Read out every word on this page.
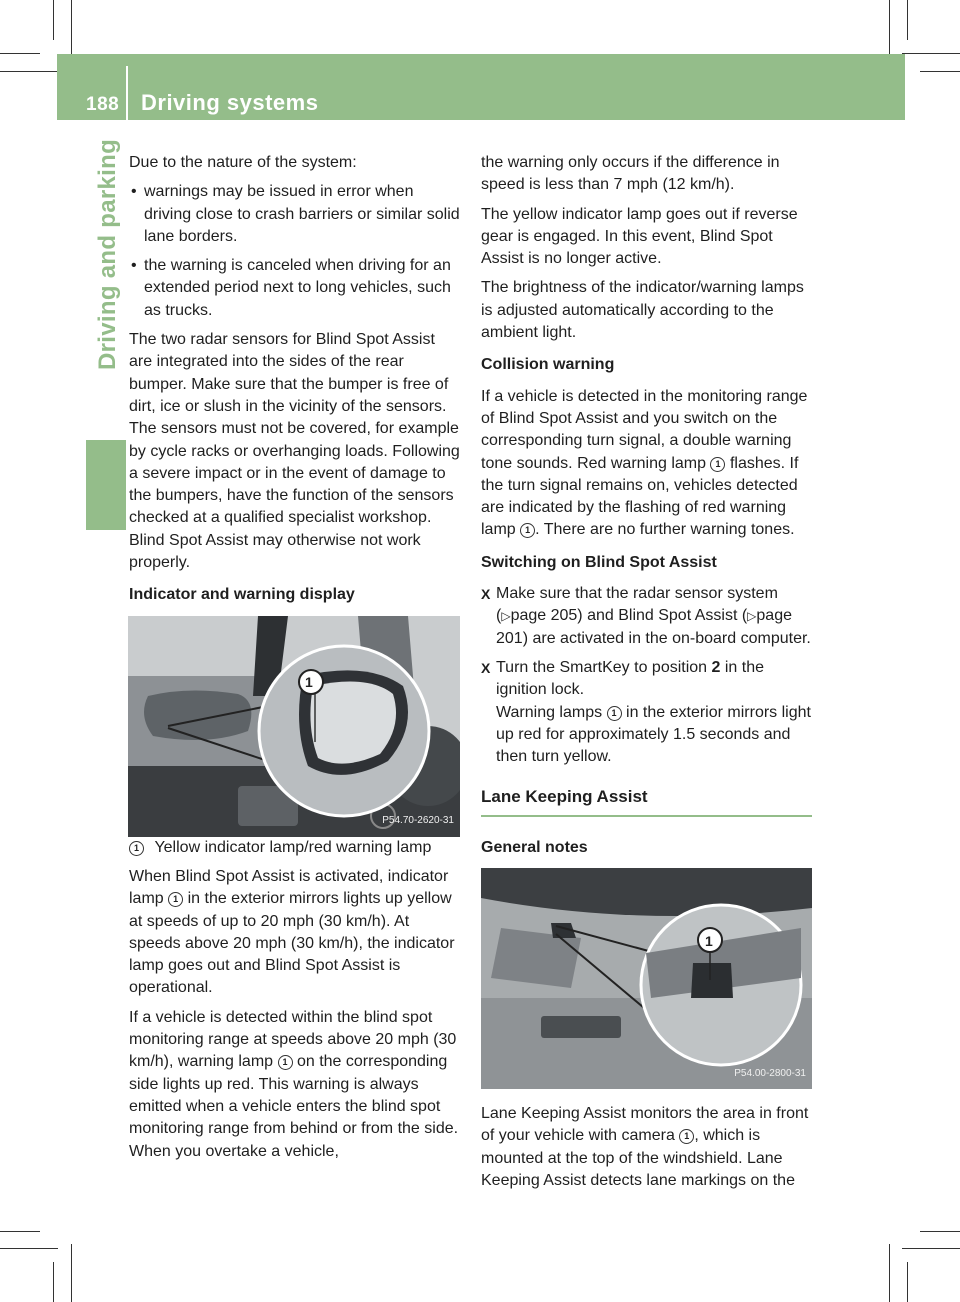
188 Driving systems
Driving and parking Due to the nature of the system:

• warnings may be issued in error when driving close to crash barriers or similar solid lane borders.
• the warning is canceled when driving for an extended period next to long vehicles, such as trucks.

The two radar sensors for Blind Spot Assist are integrated into the sides of the rear bumper. Make sure that the bumper is free of dirt, ice or slush in the vicinity of the sensors. The sensors must not be covered, for example by cycle racks or overhanging loads. Following a severe impact or in the event of damage to the bumpers, have the function of the sensors checked at a qualified specialist workshop. Blind Spot Assist may otherwise not work properly.

Indicator and warning display

1
P54.70-2620-31

1 Yellow indicator lamp/red warning lamp

When Blind Spot Assist is activated, indicator lamp 1 in the exterior mirrors lights up yellow at speeds of up to 20 mph (30 km/h). At speeds above 20 mph (30 km/h), the indicator lamp goes out and Blind Spot Assist is operational.

If a vehicle is detected within the blind spot monitoring range at speeds above 20 mph (30 km/h), warning lamp 1 on the corresponding side lights up red. This warning is always emitted when a vehicle enters the blind spot monitoring range from behind or from the side. When you overtake a vehicle,

the warning only occurs if the difference in speed is less than 7 mph (12 km/h).

The yellow indicator lamp goes out if reverse gear is engaged. In this event, Blind Spot Assist is no longer active.

The brightness of the indicator/warning lamps is adjusted automatically according to the ambient light.

Collision warning

If a vehicle is detected in the monitoring range of Blind Spot Assist and you switch on the corresponding turn signal, a double warning tone sounds. Red warning lamp 1 flashes. If the turn signal remains on, vehicles detected are indicated by the flashing of red warning lamp 1 . There are no further warning tones.

Switching on Blind Spot Assist

X Make sure that the radar sensor system (▷page 205) and Blind Spot Assist (▷page 201) are activated in the on-board computer.
X Turn the SmartKey to position 2 in the ignition lock.
Warning lamps 1 in the exterior mirrors light up red for approximately 1.5 seconds and then turn yellow.
Lane Keeping Assist

General notes

1
P54.00-2800-31

Lane Keeping Assist monitors the area in front of your vehicle with camera 1 , which is mounted at the top of the windshield. Lane Keeping Assist detects lane markings on the
